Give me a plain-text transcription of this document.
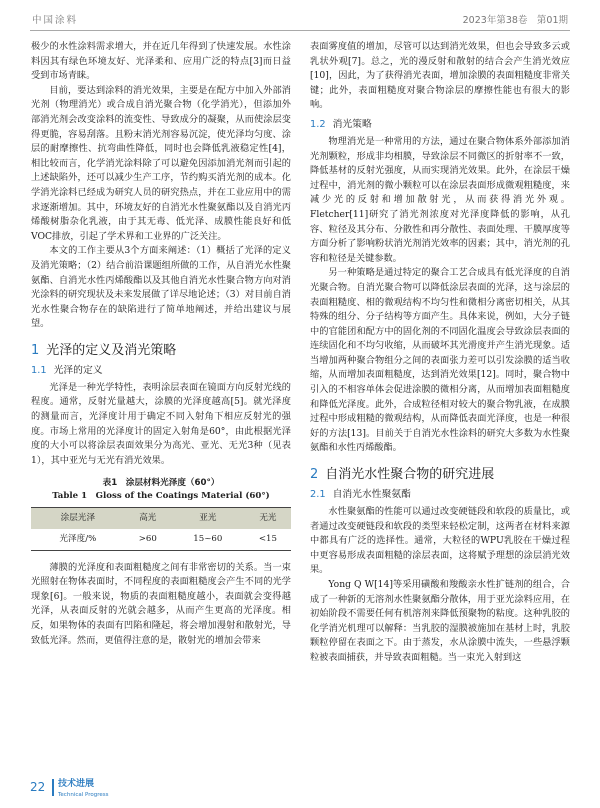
中国涂料	2023年第38卷　第01期

极少的水性涂料需求增大，并在近几年得到了快速发展。水性涂料因其有绿色环境友好、光泽柔和、应用广泛的特点[3]而日益受到市场青睐。

目前，要达到涂料的消光效果，主要是在配方中加入外部消光剂（物理消光）或合成自消光聚合物（化学消光），但添加外部消光剂会改变涂料的流变性、导致成分的凝聚，从而使涂层变得更脆，容易刮落。且粉末消光剂容易沉淀，使光泽均匀度、涂层的耐摩擦性、抗弯曲性降低，同时也会降低乳液稳定性[4]，相比较而言，化学消光涂料除了可以避免因添加消光剂而引起的上述缺陷外，还可以减少生产工序，节约购买消光剂的成本。化学消光涂料已经成为研究人员的研究热点，并在工业应用中的需求逐渐增加。其中，环境友好的自消光水性聚氨酯以及自消光丙烯酸树脂杂化乳液，由于其无毒、低光泽、成膜性能良好和低VOC排放，引起了学术界和工业界的广泛关注。

本文的工作主要从3个方面来阐述：（1）概括了光泽的定义及消光策略；（2）结合前沿课题组所做的工作，从自消光水性聚氨酯、自消光水性丙烯酸酯以及其他自消光水性聚合物方向对消光涂料的研究现状及未来发展做了详尽地论述；（3）对目前自消光水性聚合物存在的缺陷进行了简单地阐述，并给出建议与展望。

1 光泽的定义及消光策略
1.1 光泽的定义

光泽是一种光学特性，表明涂层表面在镜面方向反射光线的程度。通常，反射光量越大，涂膜的光泽度越高[5]。就光泽度的测量而言，光泽度计用于确定不同入射角下相应反射光的强度。市场上常用的光泽度计的固定入射角是60°，由此根据光泽度的大小可以将涂层表面效果分为高光、亚光、无光3种（见表1），其中亚光与无光有消光效果。

表1　涂层材料光泽度（60°）
Table 1　Gloss of the Coatings Material (60°)
涂层光泽	高光	亚光	无光
光泽度/%	>60	15~60	<15

薄膜的光泽度和表面粗糙度之间有非常密切的关系。当一束光照射在物体表面时，不同程度的表面粗糙度会产生不同的光学现象[6]。一般来说，物质的表面粗糙度越小，表面就会变得越光泽，从表面反射的光就会越多，从而产生更高的光泽度。相反，如果物体的表面有凹陷和隆起，将会增加漫射和散射光，导致低光泽。然而，更值得注意的是，散射光的增加会带来

表面雾度值的增加，尽管可以达到消光效果，但也会导致多云或乳状外观[7]。总之，光的漫反射和散射的结合会产生消光效应[10]，因此，为了获得消光表面，增加涂膜的表面粗糙度非常关键；此外，表面粗糙度对聚合物涂层的摩擦性能也有很大的影响。

1.2 消光策略

物理消光是一种常用的方法，通过在聚合物体系外部添加消光剂颗粒，形成非均相膜，导致涂层不同微区的折射率不一致，降低基材的反射光强度，从而实现消光效果。此外，在涂层干燥过程中，消光剂的微小颗粒可以在涂层表面形成微观粗糙度，来减少光的反射和增加散射光，从而获得消光外观。Fletcher[11]研究了消光剂浓度对光泽度降低的影响，从孔容、粒径及其分布、分散性和再分散性、表面处理、干膜厚度等方面分析了影响粉状消光剂消光效率的因素；其中，消光剂的孔容和粒径是关键参数。

另一种策略是通过特定的聚合工艺合成具有低光泽度的自消光聚合物。自消光聚合物可以降低涂层表面的光泽，这与涂层的表面粗糙度、相的微观结构不均匀性和微相分离密切相关，从其特殊的组分、分子结构等方面产生。具体来说，例如，大分子链中的官能团和配方中的固化剂的不同固化温度会导致涂层表面的连续固化和不均匀收缩，从而破坏其光滑度并产生消光现象。适当增加两种聚合物组分之间的表面张力差可以引发涂膜的适当收缩，从而增加表面粗糙度，达到消光效果[12]。同时，聚合物中引入的不相容单体会促进涂膜的微相分离，从而增加表面粗糙度和降低光泽度。此外，合成粒径相对较大的聚合物乳液，在成膜过程中形成粗糙的微观结构，从而降低表面光泽度，也是一种很好的方法[13]。目前关于自消光水性涂料的研究大多数为水性聚氨酯和水性丙烯酸酯。

2 自消光水性聚合物的研究进展
2.1 自消光水性聚氨酯

水性聚氨酯的性能可以通过改变硬链段和软段的质量比，或者通过改变硬链段和软段的类型来轻松定制，这两者在材料来源中都具有广泛的选择性。通常，大粒径的WPU乳胶在干燥过程中更容易形成表面粗糙的涂层表面，这将赋予理想的涂层消光效果。

Yong Q W[14]等采用磺酸和羧酸亲水性扩链剂的组合，合成了一种新的无溶剂水性聚氨酯分散体，用于亚光涂料应用，在初始阶段不需要任何有机溶剂来降低预聚物的粘度。这种乳胶的化学消光机理可以解释：当乳胶的湿膜被施加在基材上时，乳胶颗粒停留在表面之下。由于蒸发，水从涂膜中流失，一些悬浮颗粒被表面捕获，并导致表面粗糙。当一束光入射到这

22 技术进展
Technical Progress
